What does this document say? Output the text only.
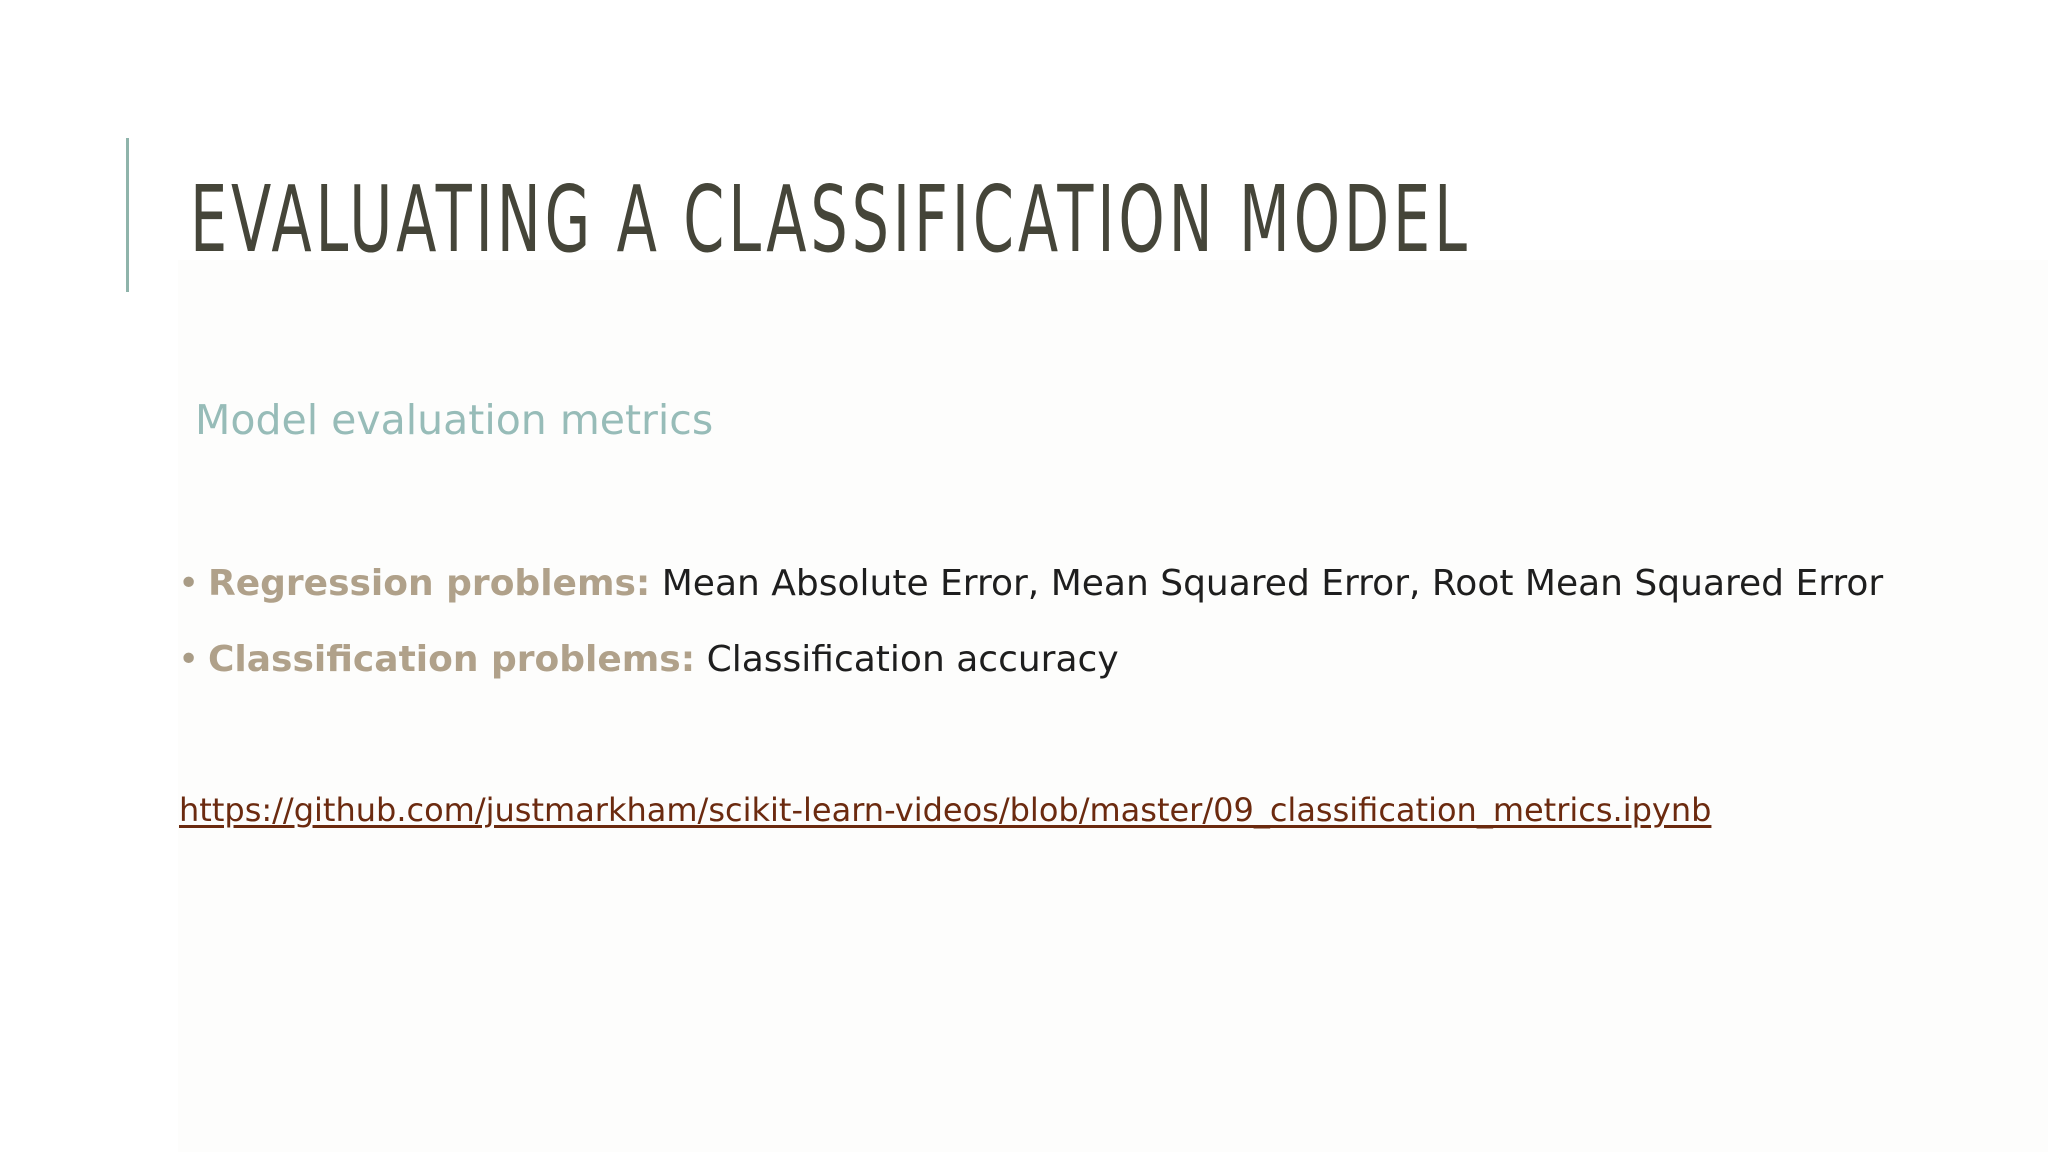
EVALUATING A CLASSIFICATION MODEL
Model evaluation metrics
• Regression problems: Mean Absolute Error, Mean Squared Error, Root Mean Squared Error
• Classification problems: Classification accuracy
https://github.com/justmarkham/scikit-learn-videos/blob/master/09_classification_metrics.ipynb
